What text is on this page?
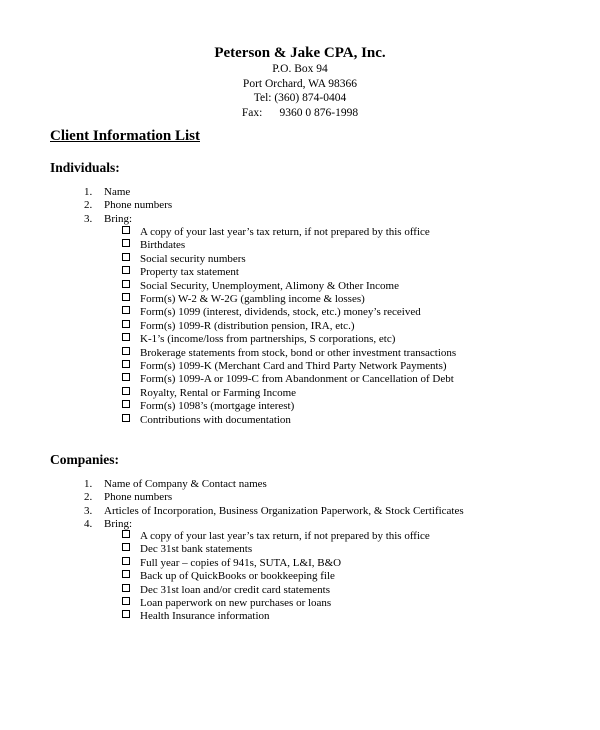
Peterson & Jake CPA, Inc.
P.O. Box 94
Port Orchard, WA 98366
Tel: (360) 874-0404
Fax: 9360 0 876-1998
Client Information List
Individuals:
1. Name
2. Phone numbers
3. Bring:
A copy of your last year’s tax return, if not prepared by this office
Birthdates
Social security numbers
Property tax statement
Social Security, Unemployment, Alimony & Other Income
Form(s) W-2 & W-2G (gambling income & losses)
Form(s) 1099 (interest, dividends, stock, etc.) money’s received
Form(s) 1099-R (distribution pension, IRA, etc.)
K-1’s (income/loss from partnerships, S corporations, etc)
Brokerage statements from stock, bond or other investment transactions
Form(s) 1099-K (Merchant Card and Third Party Network Payments)
Form(s) 1099-A or 1099-C from Abandonment or Cancellation of Debt
Royalty, Rental or Farming Income
Form(s) 1098’s (mortgage interest)
Contributions with documentation
Companies:
1. Name of Company & Contact names
2. Phone numbers
3. Articles of Incorporation, Business Organization Paperwork, & Stock Certificates
4. Bring:
A copy of your last year’s tax return, if not prepared by this office
Dec 31st bank statements
Full year – copies of 941s, SUTA, L&I, B&O
Back up of QuickBooks or bookkeeping file
Dec 31st loan and/or credit card statements
Loan paperwork on new purchases or loans
Health Insurance information
